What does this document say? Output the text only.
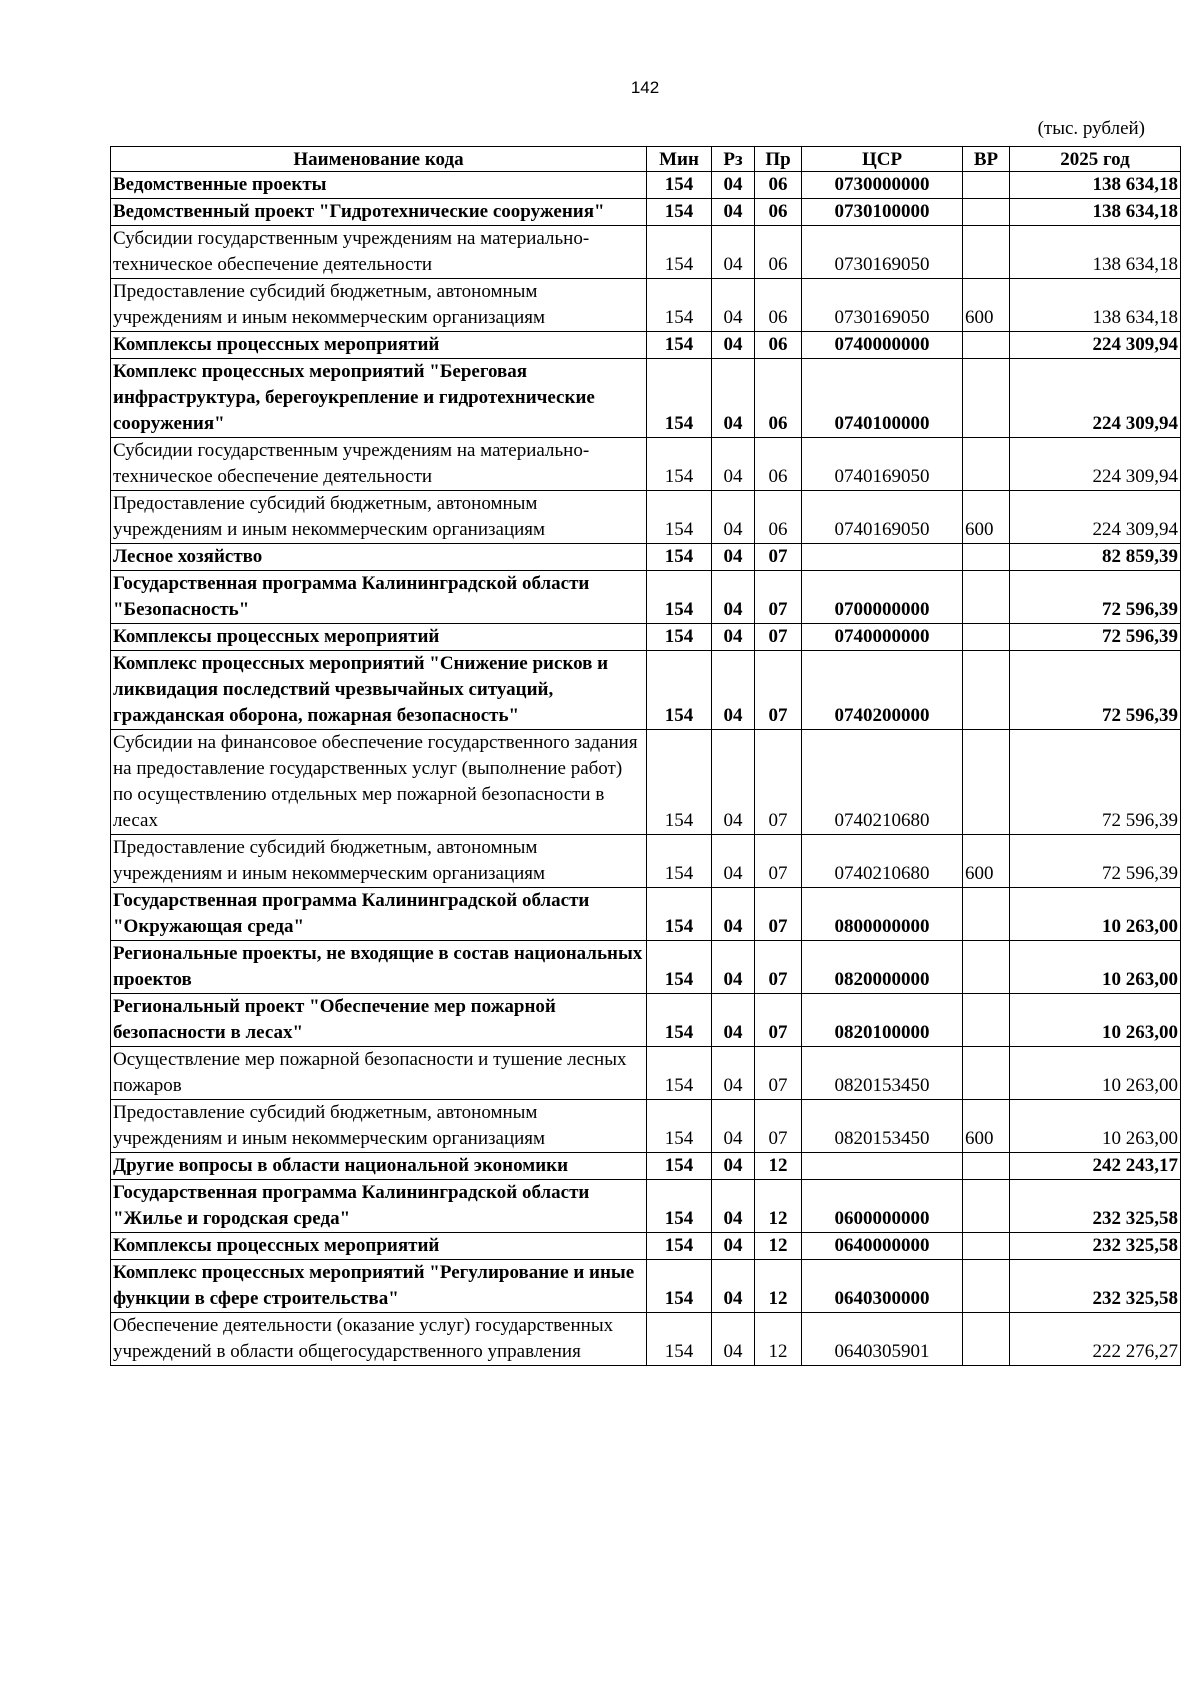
142
(тыс. рублей)
Наименование кода	Мин	Рз	Пр	ЦСР	ВР	2025 год
Ведомственные проекты	154	04	06	0730000000		138 634,18
Ведомственный проект "Гидротехнические сооружения"	154	04	06	0730100000		138 634,18
Субсидии государственным учреждениям на материально-техническое обеспечение деятельности	154	04	06	0730169050		138 634,18
Предоставление субсидий бюджетным, автономным учреждениям и иным некоммерческим организациям	154	04	06	0730169050	600	138 634,18
Комплексы процессных мероприятий	154	04	06	0740000000		224 309,94
Комплекс процессных мероприятий "Береговая инфраструктура, берегоукрепление и гидротехнические сооружения"	154	04	06	0740100000		224 309,94
Субсидии государственным учреждениям на материально-техническое обеспечение деятельности	154	04	06	0740169050		224 309,94
Предоставление субсидий бюджетным, автономным учреждениям и иным некоммерческим организациям	154	04	06	0740169050	600	224 309,94
Лесное хозяйство	154	04	07			82 859,39
Государственная программа Калининградской области "Безопасность"	154	04	07	0700000000		72 596,39
Комплексы процессных мероприятий	154	04	07	0740000000		72 596,39
Комплекс процессных мероприятий "Снижение рисков и ликвидация последствий чрезвычайных ситуаций, гражданская оборона, пожарная безопасность"	154	04	07	0740200000		72 596,39
Субсидии на финансовое обеспечение государственного задания на предоставление государственных услуг (выполнение работ) по осуществлению отдельных мер пожарной безопасности в лесах	154	04	07	0740210680		72 596,39
Предоставление субсидий бюджетным, автономным учреждениям и иным некоммерческим организациям	154	04	07	0740210680	600	72 596,39
Государственная программа Калининградской области "Окружающая среда"	154	04	07	0800000000		10 263,00
Региональные проекты, не входящие в состав национальных проектов	154	04	07	0820000000		10 263,00
Региональный проект "Обеспечение мер пожарной безопасности в лесах"	154	04	07	0820100000		10 263,00
Осуществление мер пожарной безопасности и тушение лесных пожаров	154	04	07	0820153450		10 263,00
Предоставление субсидий бюджетным, автономным учреждениям и иным некоммерческим организациям	154	04	07	0820153450	600	10 263,00
Другие вопросы в области национальной экономики	154	04	12			242 243,17
Государственная программа Калининградской области "Жилье и городская среда"	154	04	12	0600000000		232 325,58
Комплексы процессных мероприятий	154	04	12	0640000000		232 325,58
Комплекс процессных мероприятий "Регулирование и иные функции в сфере строительства"	154	04	12	0640300000		232 325,58
Обеспечение деятельности (оказание услуг) государственных учреждений в области общегосударственного управления	154	04	12	0640305901		222 276,27
